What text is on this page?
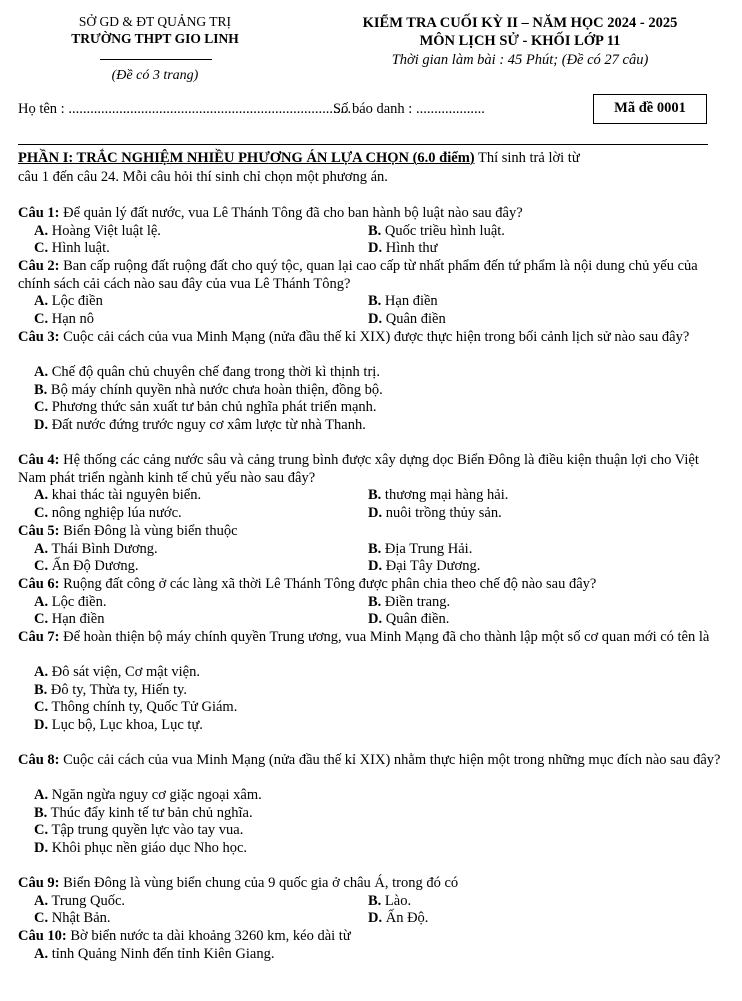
SỞ GD & ĐT QUẢNG TRỊ
TRƯỜNG THPT GIO LINH
(Đề có 3 trang)
KIỂM TRA CUỐI KỲ II – NĂM HỌC 2024 - 2025
MÔN LỊCH SỬ - KHỐI LỚP 11
Thời gian làm bài : 45 Phút; (Đề có 27 câu)
Họ tên : ..............................................................................
Số báo danh : ...................	Mã đề 0001
PHẦN I: TRẮC NGHIỆM NHIỀU PHƯƠNG ÁN LỰA CHỌN (6.0 điểm) Thí sinh trả lời từ
câu 1 đến câu 24. Mỗi câu hỏi thí sinh chỉ chọn một phương án.
Câu 1: Để quản lý đất nước, vua Lê Thánh Tông đã cho ban hành bộ luật nào sau đây?
A. Hoàng Việt luật lệ.	B. Quốc triều hình luật.
C. Hình luật.	D. Hình thư
Câu 2: Ban cấp ruộng đất ruộng đất cho quý tộc, quan lại cao cấp từ nhất phẩm đến tứ phẩm là nội dung chủ yếu của chính sách cải cách nào sau đây của vua Lê Thánh Tông?
A. Lộc điền	B. Hạn điền
C. Hạn nô	D. Quân điền
Câu 3: Cuộc cải cách của vua Minh Mạng (nửa đầu thế kỉ XIX) được thực hiện trong bối cảnh lịch sử nào sau đây?
A. Chế độ quân chủ chuyên chế đang trong thời kì thịnh trị.
B. Bộ máy chính quyền nhà nước chưa hoàn thiện, đồng bộ.
C. Phương thức sản xuất tư bản chủ nghĩa phát triển mạnh.
D. Đất nước đứng trước nguy cơ xâm lược từ nhà Thanh.
Câu 4: Hệ thống các cảng nước sâu và cảng trung bình được xây dựng dọc Biển Đông là điều kiện thuận lợi cho Việt Nam phát triển ngành kinh tế chủ yếu nào sau đây?
A. khai thác tài nguyên biển.	B. thương mại hàng hải.
C. nông nghiệp lúa nước.	D. nuôi trồng thủy sản.
Câu 5: Biển Đông là vùng biển thuộc
A. Thái Bình Dương.	B. Địa Trung Hải.
C. Ấn Độ Dương.	D. Đại Tây Dương.
Câu 6: Ruộng đất công ở các làng xã thời Lê Thánh Tông được phân chia theo chế độ nào sau đây?
A. Lộc điền.	B. Điền trang.
C. Hạn điền	D. Quân điền.
Câu 7: Để hoàn thiện bộ máy chính quyền Trung ương, vua Minh Mạng đã cho thành lập một số cơ quan mới có tên là
A. Đô sát viện, Cơ mật viện.
B. Đô ty, Thừa ty, Hiến ty.
C. Thông chính ty, Quốc Tử Giám.
D. Lục bộ, Lục khoa, Lục tự.
Câu 8: Cuộc cải cách của vua Minh Mạng (nửa đầu thế kỉ XIX) nhằm thực hiện một trong những mục đích nào sau đây?
A. Ngăn ngừa nguy cơ giặc ngoại xâm.
B. Thúc đẩy kinh tế tư bản chủ nghĩa.
C. Tập trung quyền lực vào tay vua.
D. Khôi phục nền giáo dục Nho học.
Câu 9: Biển Đông là vùng biển chung của 9 quốc gia ở châu Á, trong đó có
A. Trung Quốc.	B. Lào.
C. Nhật Bản.	D. Ấn Độ.
Câu 10: Bờ biển nước ta dài khoảng 3260 km, kéo dài từ
A. tỉnh Quảng Ninh đến tỉnh Kiên Giang.
